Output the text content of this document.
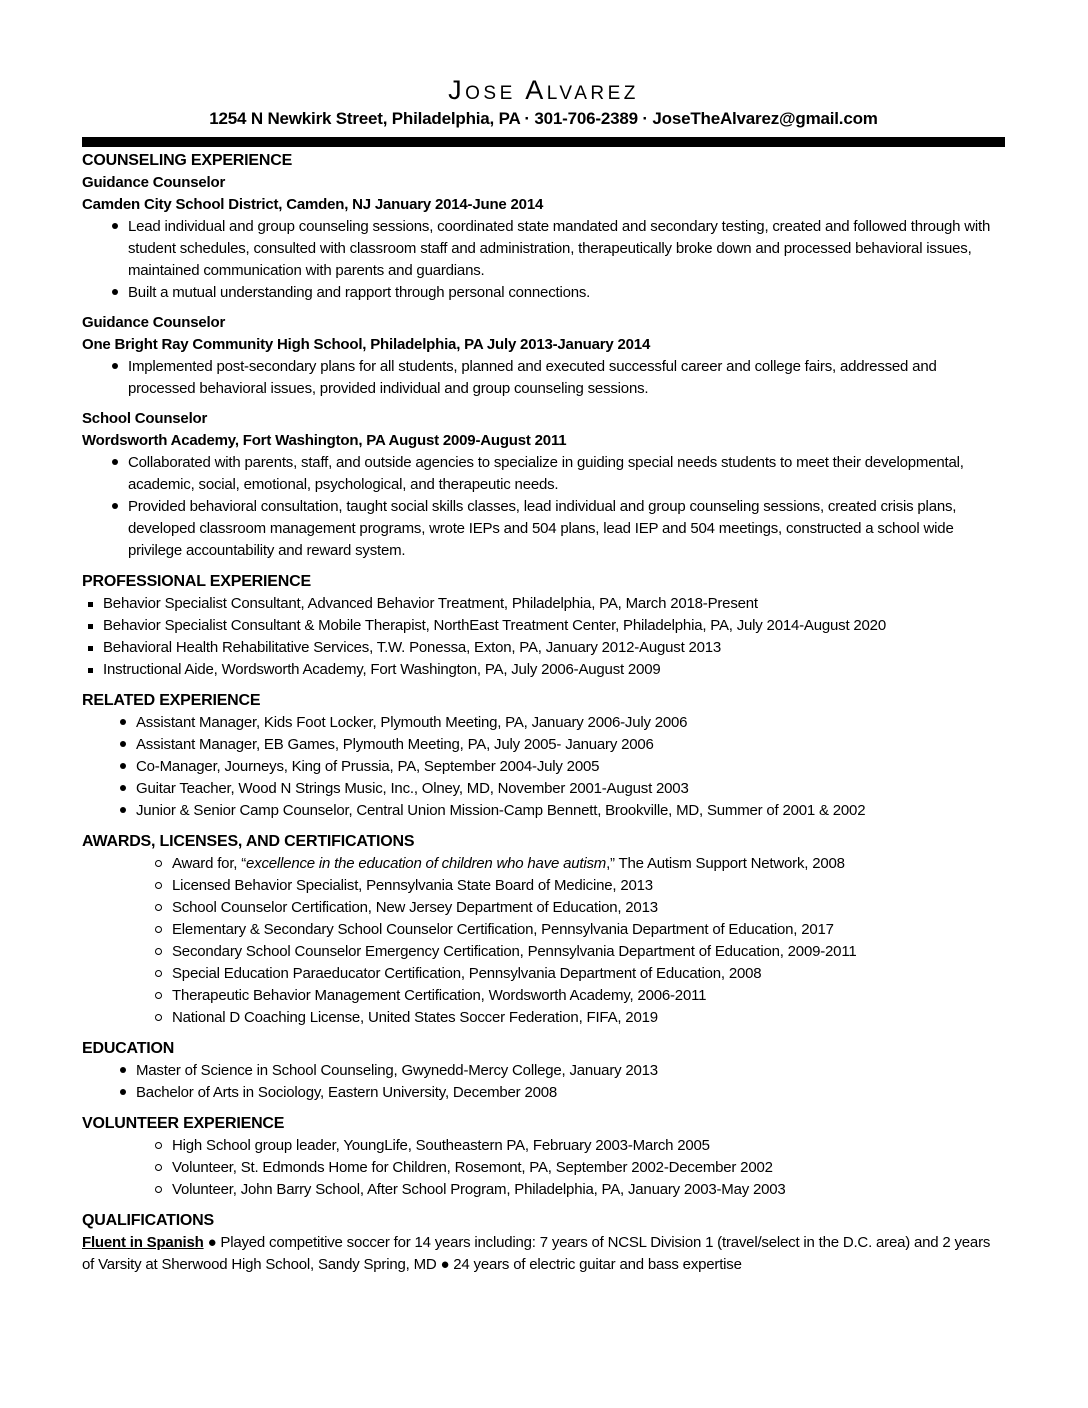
Jose Alvarez
1254 N Newkirk Street, Philadelphia, PA · 301-706-2389 · JoseTheAlvarez@gmail.com
COUNSELING EXPERIENCE
Guidance Counselor
Camden City School District, Camden, NJ January 2014-June 2014
Lead individual and group counseling sessions, coordinated state mandated and secondary testing, created and followed through with student schedules, consulted with classroom staff and administration, therapeutically broke down and processed behavioral issues, maintained communication with parents and guardians.
Built a mutual understanding and rapport through personal connections.
Guidance Counselor
One Bright Ray Community High School, Philadelphia, PA July 2013-January 2014
Implemented post-secondary plans for all students, planned and executed successful career and college fairs, addressed and processed behavioral issues, provided individual and group counseling sessions.
School Counselor
Wordsworth Academy, Fort Washington, PA August 2009-August 2011
Collaborated with parents, staff, and outside agencies to specialize in guiding special needs students to meet their developmental, academic, social, emotional, psychological, and therapeutic needs.
Provided behavioral consultation, taught social skills classes, lead individual and group counseling sessions, created crisis plans, developed classroom management programs, wrote IEPs and 504 plans, lead IEP and 504 meetings, constructed a school wide privilege accountability and reward system.
PROFESSIONAL EXPERIENCE
Behavior Specialist Consultant, Advanced Behavior Treatment, Philadelphia, PA, March 2018-Present
Behavior Specialist Consultant & Mobile Therapist, NorthEast Treatment Center, Philadelphia, PA, July 2014-August 2020
Behavioral Health Rehabilitative Services, T.W. Ponessa, Exton, PA, January 2012-August 2013
Instructional Aide, Wordsworth Academy, Fort Washington, PA, July 2006-August 2009
RELATED EXPERIENCE
Assistant Manager, Kids Foot Locker, Plymouth Meeting, PA, January 2006-July 2006
Assistant Manager, EB Games, Plymouth Meeting, PA, July 2005- January 2006
Co-Manager, Journeys, King of Prussia, PA, September 2004-July 2005
Guitar Teacher, Wood N Strings Music, Inc., Olney, MD, November 2001-August 2003
Junior & Senior Camp Counselor, Central Union Mission-Camp Bennett, Brookville, MD, Summer of 2001 & 2002
AWARDS, LICENSES, AND CERTIFICATIONS
Award for, “excellence in the education of children who have autism,” The Autism Support Network, 2008
Licensed Behavior Specialist, Pennsylvania State Board of Medicine, 2013
School Counselor Certification, New Jersey Department of Education, 2013
Elementary & Secondary School Counselor Certification, Pennsylvania Department of Education, 2017
Secondary School Counselor Emergency Certification, Pennsylvania Department of Education, 2009-2011
Special Education Paraeducator Certification, Pennsylvania Department of Education, 2008
Therapeutic Behavior Management Certification, Wordsworth Academy, 2006-2011
National D Coaching License, United States Soccer Federation, FIFA, 2019
EDUCATION
Master of Science in School Counseling, Gwynedd-Mercy College, January 2013
Bachelor of Arts in Sociology, Eastern University, December 2008
VOLUNTEER EXPERIENCE
High School group leader, YoungLife, Southeastern PA, February 2003-March 2005
Volunteer, St. Edmonds Home for Children, Rosemont, PA, September 2002-December 2002
Volunteer, John Barry School, After School Program, Philadelphia, PA, January 2003-May 2003
QUALIFICATIONS
Fluent in Spanish ● Played competitive soccer for 14 years including: 7 years of NCSL Division 1 (travel/select in the D.C. area) and 2 years of Varsity at Sherwood High School, Sandy Spring, MD ● 24 years of electric guitar and bass expertise
